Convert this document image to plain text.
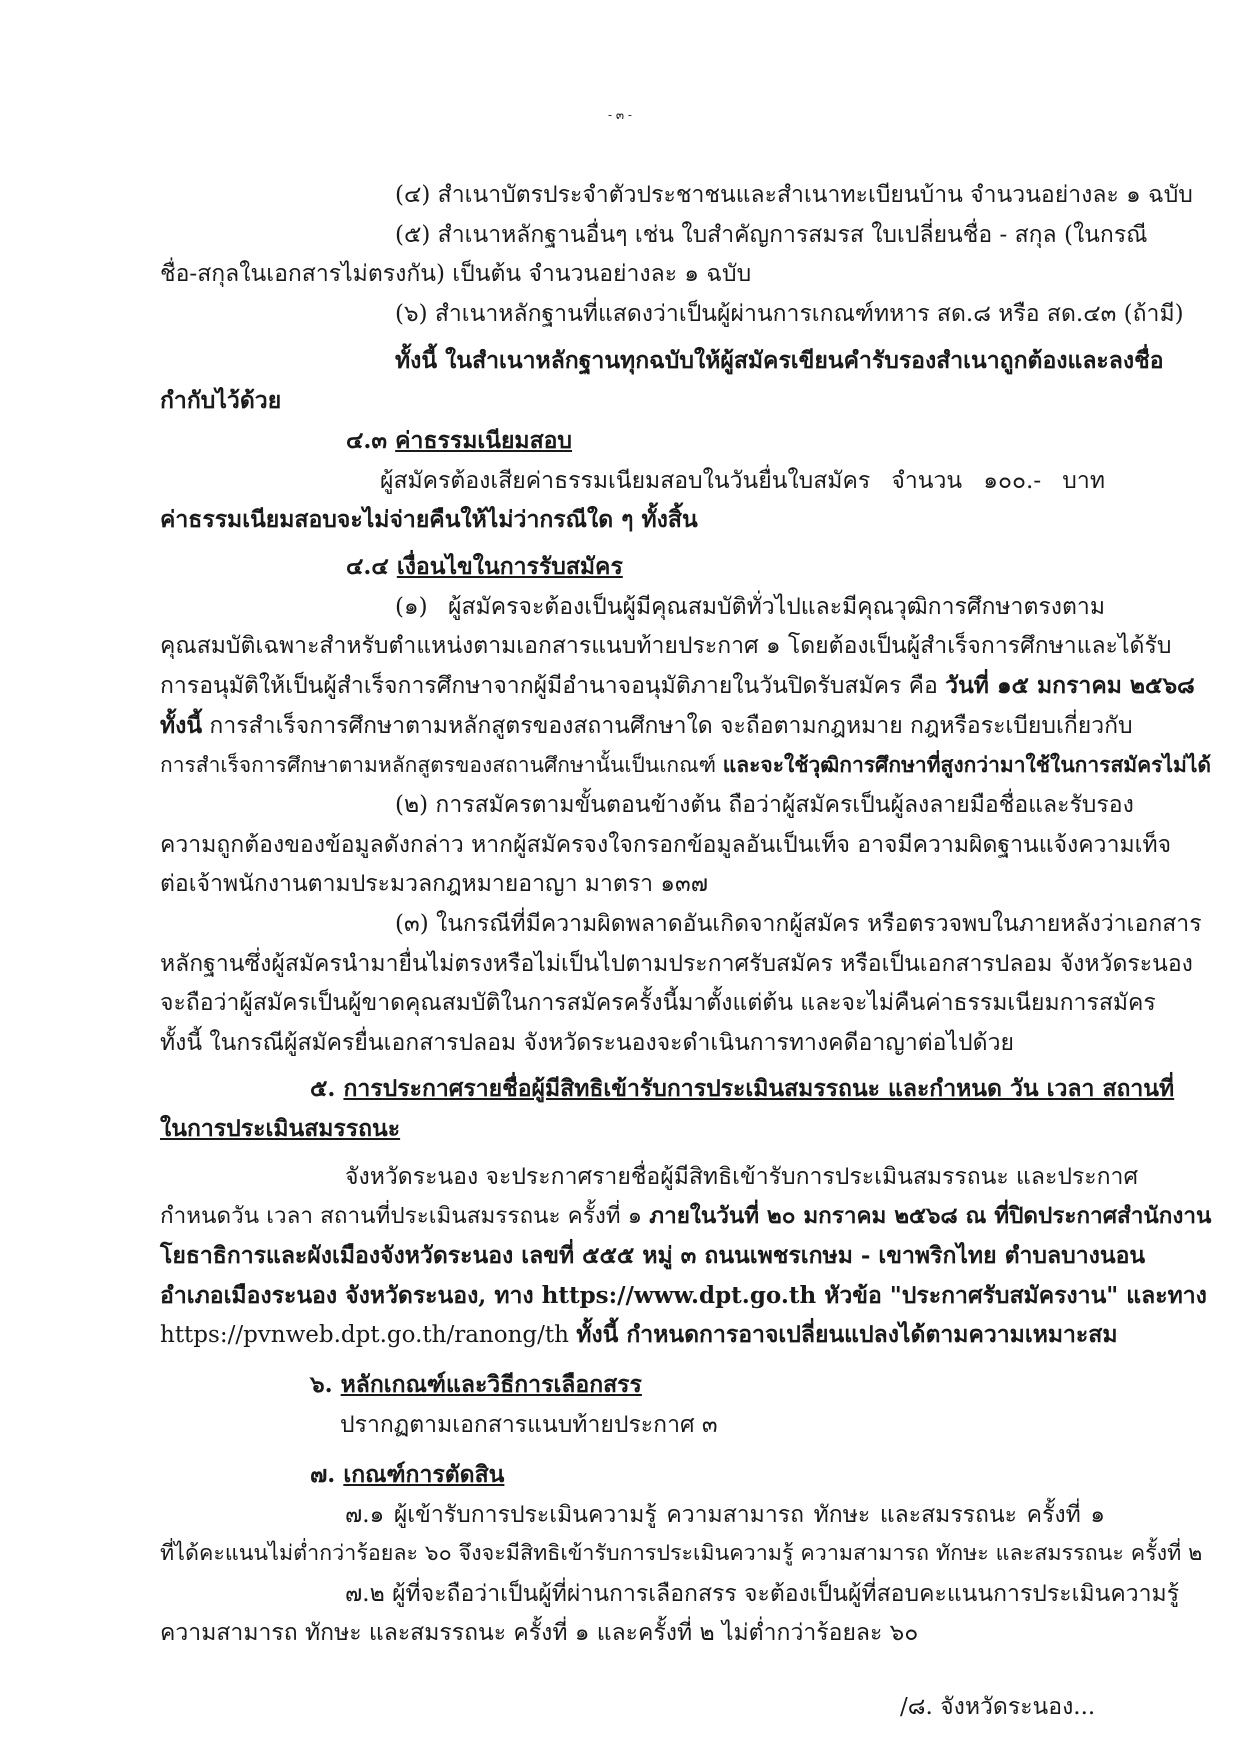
- ๓ -
(๔) สำเนาบัตรประจำตัวประชาชนและสำเนาทะเบียนบ้าน จำนวนอย่างละ ๑ ฉบับ
(๕) สำเนาหลักฐานอื่นๆ เช่น ใบสำคัญการสมรส ใบเปลี่ยนชื่อ - สกุล (ในกรณี
ชื่อ-สกุลในเอกสารไม่ตรงกัน) เป็นต้น จำนวนอย่างละ ๑ ฉบับ
(๖) สำเนาหลักฐานที่แสดงว่าเป็นผู้ผ่านการเกณฑ์ทหาร สด.๘ หรือ สด.๔๓ (ถ้ามี)
ทั้งนี้ ในสำเนาหลักฐานทุกฉบับให้ผู้สมัครเขียนคำรับรองสำเนาถูกต้องและลงชื่อ
กำกับไว้ด้วย
๔.๓ ค่าธรรมเนียมสอบ
ผู้สมัครต้องเสียค่าธรรมเนียมสอบในวันยื่นใบสมัคร จำนวน ๑๐๐.- บาท
ค่าธรรมเนียมสอบจะไม่จ่ายคืนให้ไม่ว่ากรณีใด ๆ ทั้งสิ้น
๔.๔ เงื่อนไขในการรับสมัคร
(๑) ผู้สมัครจะต้องเป็นผู้มีคุณสมบัติทั่วไปและมีคุณวุฒิการศึกษาตรงตาม
คุณสมบัติเฉพาะสำหรับตำแหน่งตามเอกสารแนบท้ายประกาศ ๑ โดยต้องเป็นผู้สำเร็จการศึกษาและได้รับ
การอนุมัติให้เป็นผู้สำเร็จการศึกษาจากผู้มีอำนาจอนุมัติภายในวันปิดรับสมัคร คือ วันที่ ๑๕ มกราคม ๒๕๖๘
ทั้งนี้ การสำเร็จการศึกษาตามหลักสูตรของสถานศึกษาใด จะถือตามกฎหมาย กฎหรือระเบียบเกี่ยวกับ
การสำเร็จการศึกษาตามหลักสูตรของสถานศึกษานั้นเป็นเกณฑ์ และจะใช้วุฒิการศึกษาที่สูงกว่ามาใช้ในการสมัครไม่ได้
(๒) การสมัครตามขั้นตอนข้างต้น ถือว่าผู้สมัครเป็นผู้ลงลายมือชื่อและรับรอง
ความถูกต้องของข้อมูลดังกล่าว หากผู้สมัครจงใจกรอกข้อมูลอันเป็นเท็จ อาจมีความผิดฐานแจ้งความเท็จ
ต่อเจ้าพนักงานตามประมวลกฎหมายอาญา มาตรา ๑๓๗
(๓) ในกรณีที่มีความผิดพลาดอันเกิดจากผู้สมัคร หรือตรวจพบในภายหลังว่าเอกสาร
หลักฐานซึ่งผู้สมัครนำมายื่นไม่ตรงหรือไม่เป็นไปตามประกาศรับสมัคร หรือเป็นเอกสารปลอม จังหวัดระนอง
จะถือว่าผู้สมัครเป็นผู้ขาดคุณสมบัติในการสมัครครั้งนี้มาตั้งแต่ต้น และจะไม่คืนค่าธรรมเนียมการสมัคร
ทั้งนี้ ในกรณีผู้สมัครยื่นเอกสารปลอม จังหวัดระนองจะดำเนินการทางคดีอาญาต่อไปด้วย
๕. การประกาศรายชื่อผู้มีสิทธิเข้ารับการประเมินสมรรถนะ และกำหนด วัน เวลา สถานที่
ในการประเมินสมรรถนะ
จังหวัดระนอง จะประกาศรายชื่อผู้มีสิทธิเข้ารับการประเมินสมรรถนะ และประกาศ
กำหนดวัน เวลา สถานที่ประเมินสมรรถนะ ครั้งที่ ๑ ภายในวันที่ ๒๐ มกราคม ๒๕๖๘ ณ ที่ปิดประกาศสำนักงาน
โยธาธิการและผังเมืองจังหวัดระนอง เลขที่ ๕๕๕ หมู่ ๓ ถนนเพชรเกษม - เขาพริกไทย ตำบลบางนอน
อำเภอเมืองระนอง จังหวัดระนอง, ทาง https://www.dpt.go.th หัวข้อ "ประกาศรับสมัครงาน" และทาง
https://pvnweb.dpt.go.th/ranong/th ทั้งนี้ กำหนดการอาจเปลี่ยนแปลงได้ตามความเหมาะสม
๖. หลักเกณฑ์และวิธีการเลือกสรร
ปรากฏตามเอกสารแนบท้ายประกาศ ๓
๗. เกณฑ์การตัดสิน
๗.๑ ผู้เข้ารับการประเมินความรู้ ความสามารถ ทักษะ และสมรรถนะ ครั้งที่ ๑
ที่ได้คะแนนไม่ต่ำกว่าร้อยละ ๖๐ จึงจะมีสิทธิเข้ารับการประเมินความรู้ ความสามารถ ทักษะ และสมรรถนะ ครั้งที่ ๒
๗.๒ ผู้ที่จะถือว่าเป็นผู้ที่ผ่านการเลือกสรร จะต้องเป็นผู้ที่สอบคะแนนการประเมินความรู้
ความสามารถ ทักษะ และสมรรถนะ ครั้งที่ ๑ และครั้งที่ ๒ ไม่ต่ำกว่าร้อยละ ๖๐
/๘. จังหวัดระนอง...
